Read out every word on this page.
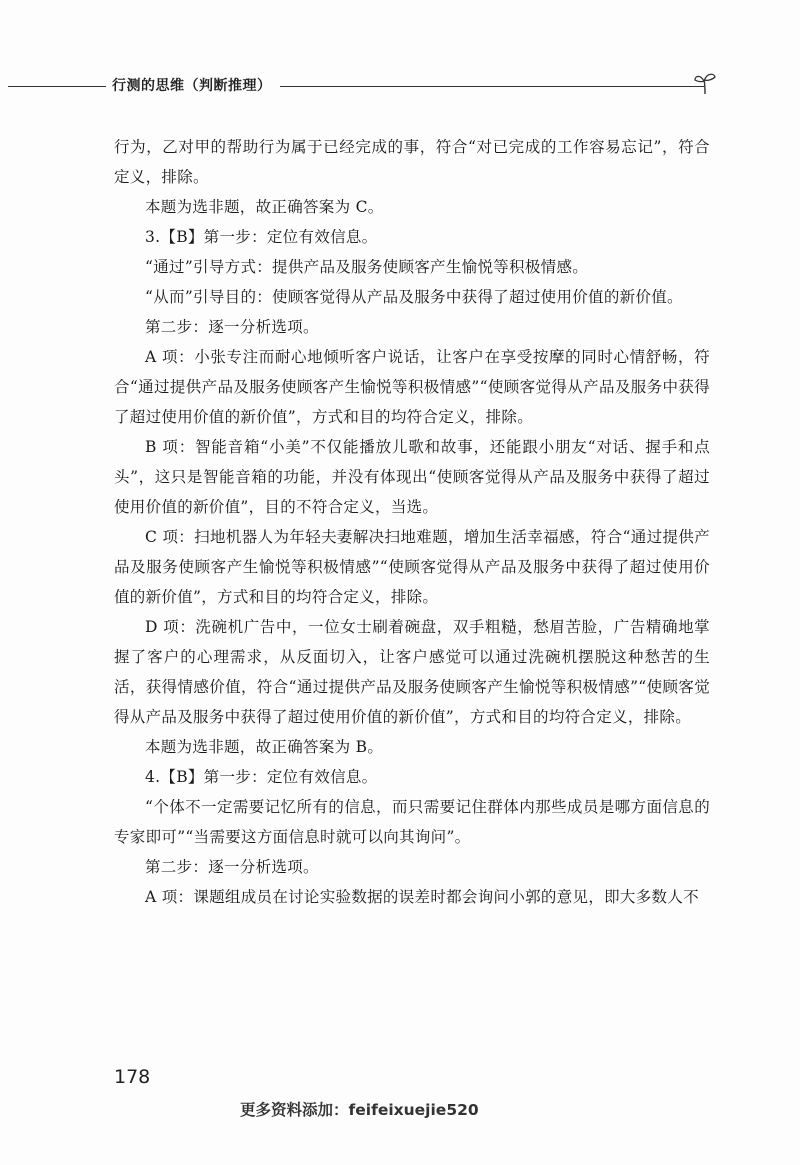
行测的思维（判断推理）

行为，乙对甲的帮助行为属于已经完成的事，符合“对已完成的工作容易忘记”，符合定义，排除。

本题为选非题，故正确答案为 C。

3.【B】第一步：定位有效信息。

“通过”引导方式：提供产品及服务使顾客产生愉悦等积极情感。

“从而”引导目的：使顾客觉得从产品及服务中获得了超过使用价值的新价值。

第二步：逐一分析选项。

A 项：小张专注而耐心地倾听客户说话，让客户在享受按摩的同时心情舒畅，符合“通过提供产品及服务使顾客产生愉悦等积极情感”“使顾客觉得从产品及服务中获得了超过使用价值的新价值”，方式和目的均符合定义，排除。

B 项：智能音箱“小美”不仅能播放儿歌和故事，还能跟小朋友“对话、握手和点头”，这只是智能音箱的功能，并没有体现出“使顾客觉得从产品及服务中获得了超过使用价值的新价值”，目的不符合定义，当选。

C 项：扫地机器人为年轻夫妻解决扫地难题，增加生活幸福感，符合“通过提供产品及服务使顾客产生愉悦等积极情感”“使顾客觉得从产品及服务中获得了超过使用价值的新价值”，方式和目的均符合定义，排除。

D 项：洗碗机广告中，一位女士刷着碗盘，双手粗糙，愁眉苦脸，广告精确地掌握了客户的心理需求，从反面切入，让客户感觉可以通过洗碗机摆脱这种愁苦的生活，获得情感价值，符合“通过提供产品及服务使顾客产生愉悦等积极情感”“使顾客觉得从产品及服务中获得了超过使用价值的新价值”，方式和目的均符合定义，排除。

本题为选非题，故正确答案为 B。

4.【B】第一步：定位有效信息。

“个体不一定需要记忆所有的信息，而只需要记住群体内那些成员是哪方面信息的专家即可”“当需要这方面信息时就可以向其询问”。

第二步：逐一分析选项。

A 项：课题组成员在讨论实验数据的误差时都会询问小郭的意见，即大多数人不

178
更多资料添加：feifeixuejie520
